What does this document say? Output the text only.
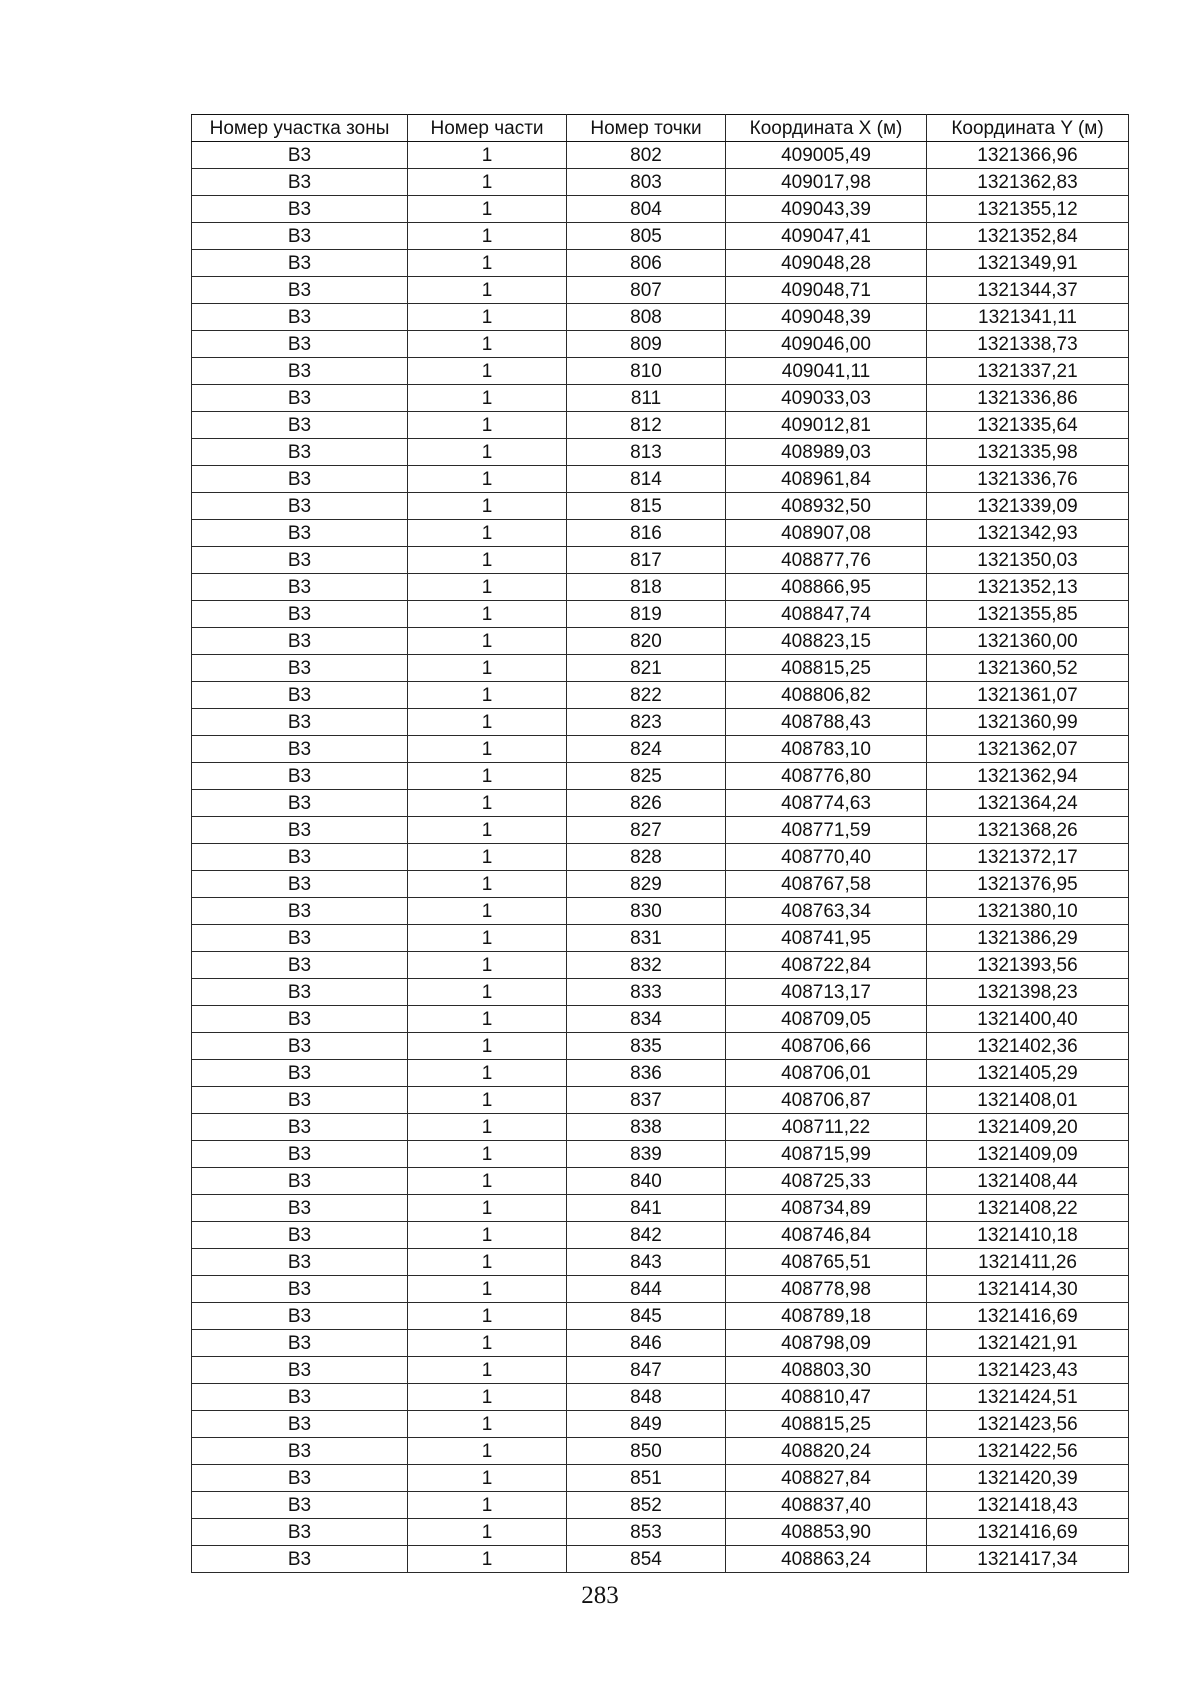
Номер участка зоны	Номер части	Номер точки	Координата X (м)	Координата Y (м)
В3	1	802	409005,49	1321366,96
В3	1	803	409017,98	1321362,83
В3	1	804	409043,39	1321355,12
В3	1	805	409047,41	1321352,84
В3	1	806	409048,28	1321349,91
В3	1	807	409048,71	1321344,37
В3	1	808	409048,39	1321341,11
В3	1	809	409046,00	1321338,73
В3	1	810	409041,11	1321337,21
В3	1	811	409033,03	1321336,86
В3	1	812	409012,81	1321335,64
В3	1	813	408989,03	1321335,98
В3	1	814	408961,84	1321336,76
В3	1	815	408932,50	1321339,09
В3	1	816	408907,08	1321342,93
В3	1	817	408877,76	1321350,03
В3	1	818	408866,95	1321352,13
В3	1	819	408847,74	1321355,85
В3	1	820	408823,15	1321360,00
В3	1	821	408815,25	1321360,52
В3	1	822	408806,82	1321361,07
В3	1	823	408788,43	1321360,99
В3	1	824	408783,10	1321362,07
В3	1	825	408776,80	1321362,94
В3	1	826	408774,63	1321364,24
В3	1	827	408771,59	1321368,26
В3	1	828	408770,40	1321372,17
В3	1	829	408767,58	1321376,95
В3	1	830	408763,34	1321380,10
В3	1	831	408741,95	1321386,29
В3	1	832	408722,84	1321393,56
В3	1	833	408713,17	1321398,23
В3	1	834	408709,05	1321400,40
В3	1	835	408706,66	1321402,36
В3	1	836	408706,01	1321405,29
В3	1	837	408706,87	1321408,01
В3	1	838	408711,22	1321409,20
В3	1	839	408715,99	1321409,09
В3	1	840	408725,33	1321408,44
В3	1	841	408734,89	1321408,22
В3	1	842	408746,84	1321410,18
В3	1	843	408765,51	1321411,26
В3	1	844	408778,98	1321414,30
В3	1	845	408789,18	1321416,69
В3	1	846	408798,09	1321421,91
В3	1	847	408803,30	1321423,43
В3	1	848	408810,47	1321424,51
В3	1	849	408815,25	1321423,56
В3	1	850	408820,24	1321422,56
В3	1	851	408827,84	1321420,39
В3	1	852	408837,40	1321418,43
В3	1	853	408853,90	1321416,69
В3	1	854	408863,24	1321417,34
283
